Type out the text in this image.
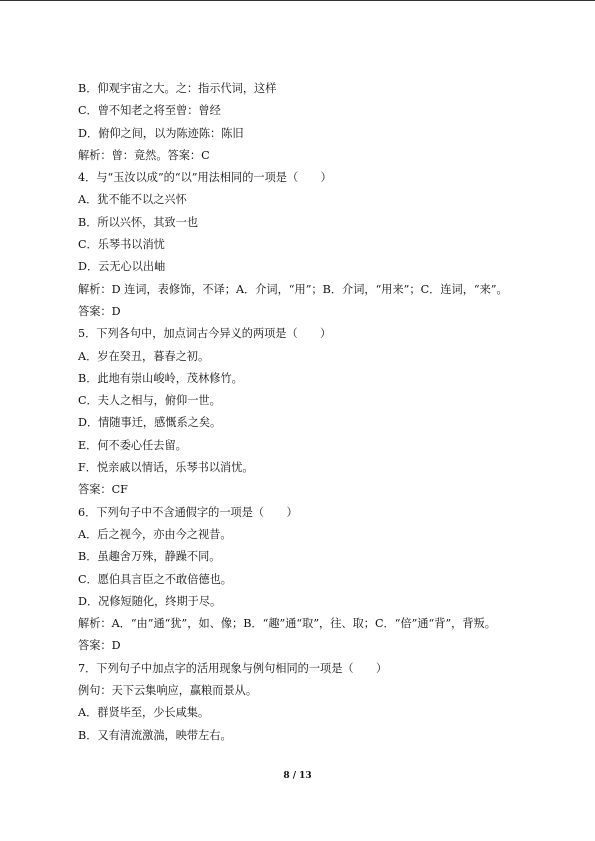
B．仰观宇宙之大。之：指示代词，这样
C．曾不知老之将至曾：曾经
D．俯仰之间，以为陈迹陈：陈旧
解析：曾：竟然。答案：C
4．与“玉汝以成”的“以”用法相同的一项是（　　）
A．犹不能不以之兴怀
B．所以兴怀，其致一也
C．乐琴书以消忧
D．云无心以出岫
解析：D 连词，表修饰，不译；A．介词，“用”；B．介词，“用来”；C．连词，“来”。
答案：D
5．下列各句中，加点词古今异义的两项是（　　）
A．岁在癸丑，暮春之初。
B．此地有崇山峻岭，茂林修竹。
C．夫人之相与，俯仰一世。
D．情随事迁，感慨系之矣。
E．何不委心任去留。
F．悦亲戚以情话，乐琴书以消忧。
答案：CF
6．下列句子中不含通假字的一项是（　　）
A．后之视今，亦由今之视昔。
B．虽趣舍万殊，静躁不同。
C．愿伯具言臣之不敢倍德也。
D．况修短随化，终期于尽。
解析：A．“由”通“犹”，如、像；B．“趣”通“取”，往、取；C．“倍”通“背”，背叛。
答案：D
7．下列句子中加点字的活用现象与例句相同的一项是（　　）
例句：天下云集响应，赢粮而景从。
A．群贤毕至，少长咸集。
B．又有清流激湍，映带左右。
8 / 13
